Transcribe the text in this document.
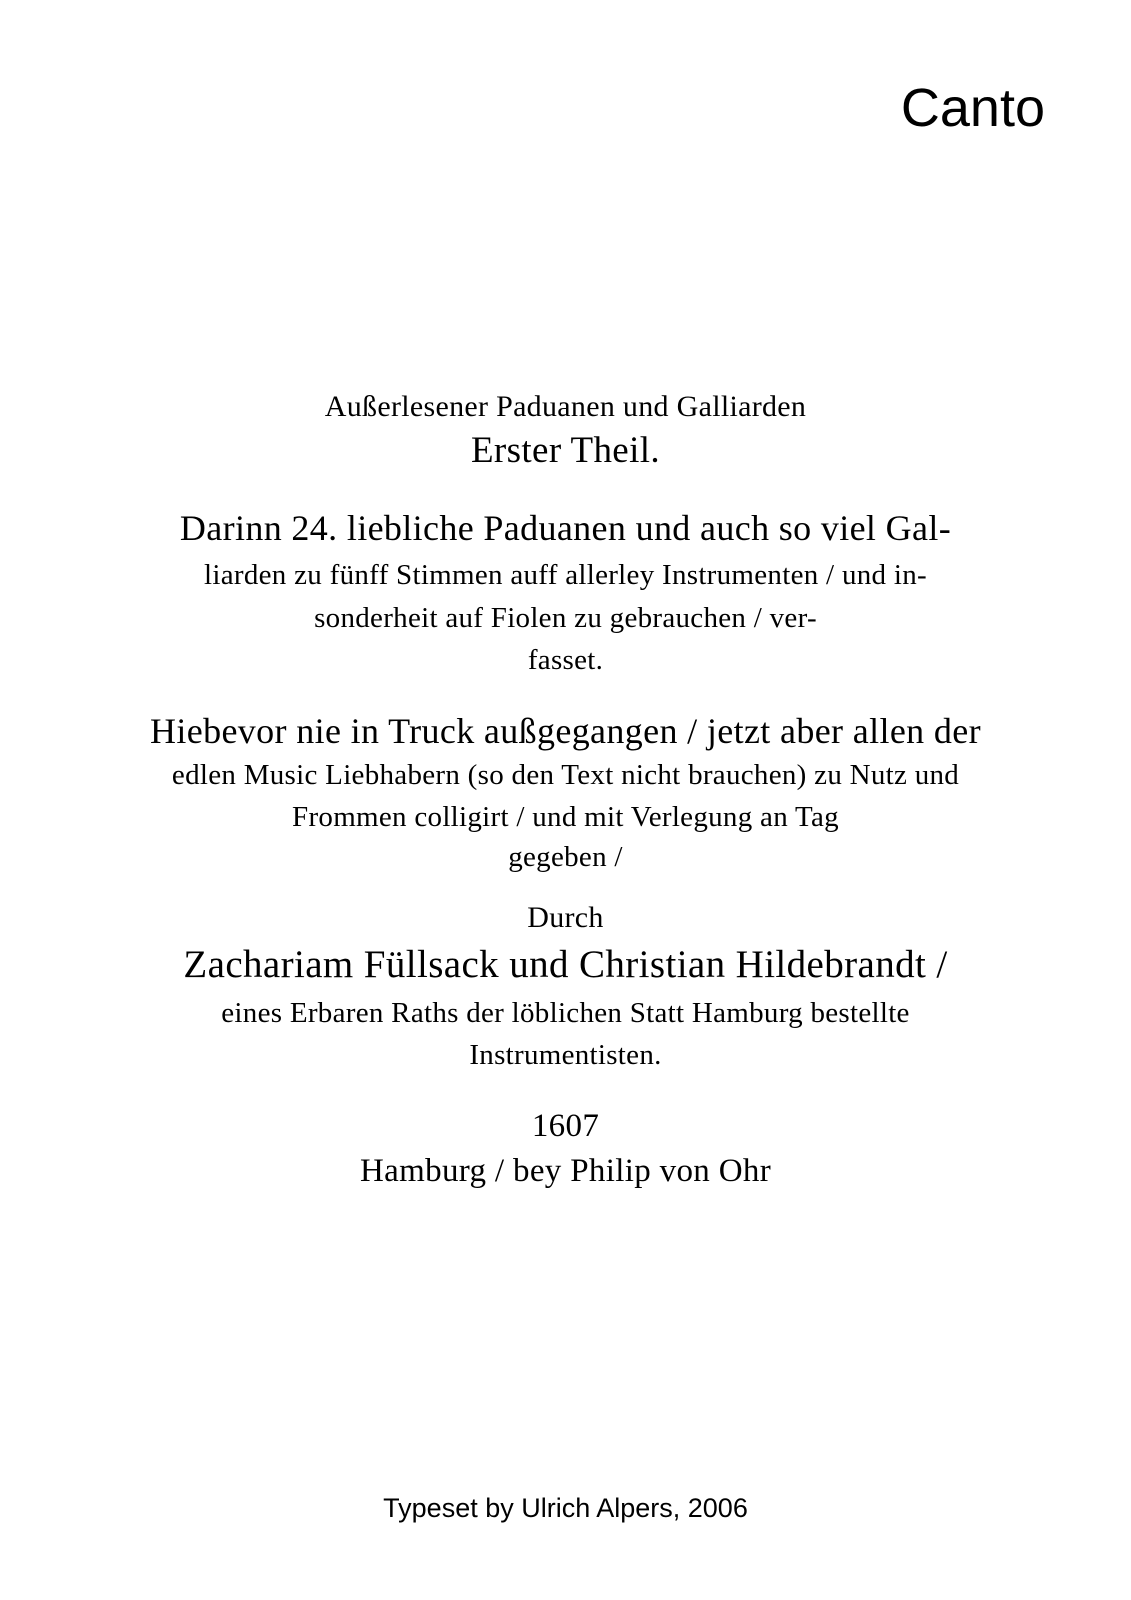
Canto
Außerlesener Paduanen und Galliarden
Erster Theil.
Darinn 24. liebliche Paduanen und auch so viel Gal-
liarden zu fünff Stimmen auff allerley Instrumenten / und in-
sonderheit auf Fiolen zu gebrauchen / ver-
fasset.
Hiebevor nie in Truck außgegangen / jetzt aber allen der
edlen Music Liebhabern (so den Text nicht brauchen) zu Nutz und
Frommen colligirt / und mit Verlegung an Tag
gegeben /
Durch
Zachariam Füllsack und Christian Hildebrandt /
eines Erbaren Raths der löblichen Statt Hamburg bestellte
Instrumentisten.
1607
Hamburg / bey Philip von Ohr
Typeset by Ulrich Alpers, 2006
